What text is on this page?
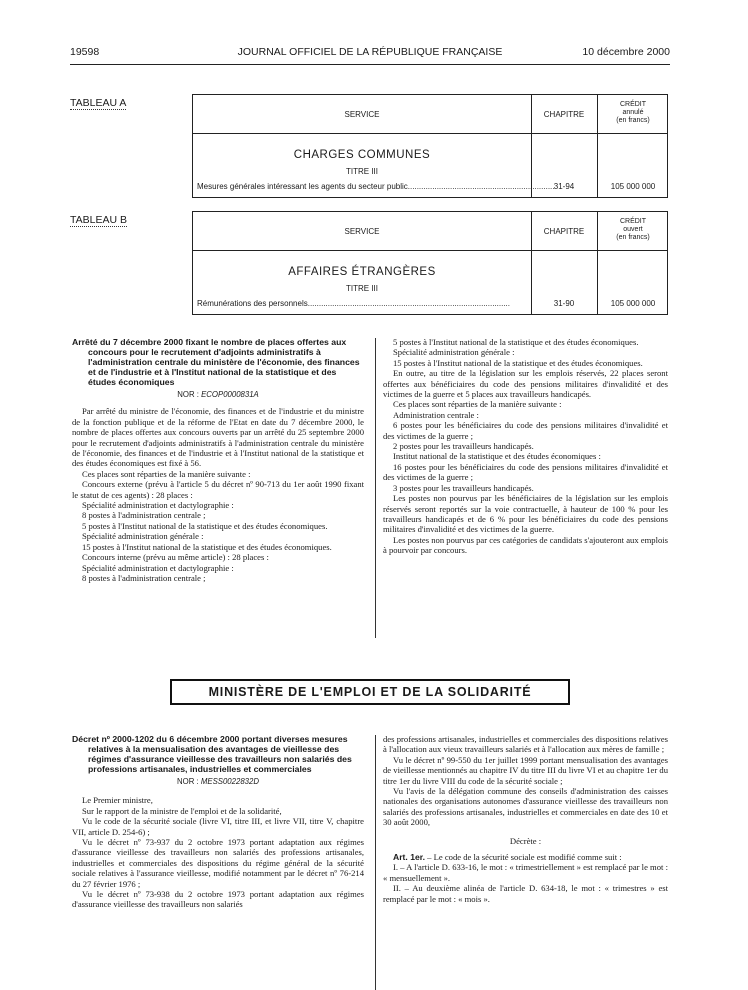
19598	JOURNAL OFFICIEL DE LA RÉPUBLIQUE FRANÇAISE	10 décembre 2000
TABLEAU A
SERVICE	CHAPITRE
CRÉDIT
annulé
(en francs)
CHARGES COMMUNES
TITRE III
Mesures générales intéressant les agents du secteur public.................................................................. 31-94	105 000 000
TABLEAU B
SERVICE	CHAPITRE
CRÉDIT
ouvert
(en francs)
AFFAIRES ÉTRANGÈRES
TITRE III
Rémunérations des personnels...........................................................................................	31-90	105 000 000

Arrêté du 7 décembre 2000 fixant le nombre de places offertes aux concours pour le recrutement d'adjoints administratifs à l'administration centrale du ministère de l'économie, des finances et de l'industrie et à l'Institut national de la statistique et des études économiques

NOR : ECOP0000831A

Par arrêté du ministre de l'économie, des finances et de l'industrie et du ministre de la fonction publique et de la réforme de l'Etat en date du 7 décembre 2000, le nombre de places offertes aux concours ouverts par un arrêté du 25 septembre 2000 pour le recrutement d'adjoints administratifs à l'administration centrale du ministère de l'économie, des finances et de l'industrie et à l'Institut national de la statistique et des études économiques est fixé à 56.

Ces places sont réparties de la manière suivante :

Concours externe (prévu à l'article 5 du décret nº 90-713 du 1er août 1990 fixant le statut de ces agents) : 28 places :

Spécialité administration et dactylographie :

8 postes à l'administration centrale ;

5 postes à l'Institut national de la statistique et des études économiques.

Spécialité administration générale :

15 postes à l'Institut national de la statistique et des études économiques.

Concours interne (prévu au même article) : 28 places :

Spécialité administration et dactylographie :

8 postes à l'administration centrale ;

5 postes à l'Institut national de la statistique et des études économiques.

Spécialité administration générale :

15 postes à l'Institut national de la statistique et des études économiques.

En outre, au titre de la législation sur les emplois réservés, 22 places seront offertes aux bénéficiaires du code des pensions militaires d'invalidité et des victimes de la guerre et 5 places aux travailleurs handicapés.

Ces places sont réparties de la manière suivante :

Administration centrale :

6 postes pour les bénéficiaires du code des pensions militaires d'invalidité et des victimes de la guerre ;

2 postes pour les travailleurs handicapés.

Institut national de la statistique et des études économiques :

16 postes pour les bénéficiaires du code des pensions militaires d'invalidité et des victimes de la guerre ;

3 postes pour les travailleurs handicapés.

Les postes non pourvus par les bénéficiaires de la législation sur les emplois réservés seront reportés sur la voie contractuelle, à hauteur de 100 % pour les travailleurs handicapés et de 6 % pour les bénéficiaires du code des pensions militaires d'invalidité et des victimes de la guerre.

Les postes non pourvus par ces catégories de candidats s'ajouteront aux emplois à pourvoir par concours.

MINISTÈRE DE L'EMPLOI ET DE LA SOLIDARITÉ

Décret nº 2000-1202 du 6 décembre 2000 portant diverses mesures relatives à la mensualisation des avantages de vieillesse des régimes d'assurance vieillesse des travailleurs non salariés des professions artisanales, industrielles et commerciales

NOR : MESS0022832D

Le Premier ministre,

Sur le rapport de la ministre de l'emploi et de la solidarité,

Vu le code de la sécurité sociale (livre VI, titre III, et livre VII, titre V, chapitre VII, article D. 254-6) ;

Vu le décret nº 73-937 du 2 octobre 1973 portant adaptation aux régimes d'assurance vieillesse des travailleurs non salariés des professions artisanales, industrielles et commerciales des dispositions du régime général de la sécurité sociale relatives à l'assurance vieillesse, modifié notamment par le décret nº 76-214 du 27 février 1976 ;

Vu le décret nº 73-938 du 2 octobre 1973 portant adaptation aux régimes d'assurance vieillesse des travailleurs non salariés

des professions artisanales, industrielles et commerciales des dispositions relatives à l'allocation aux vieux travailleurs salariés et à l'allocation aux mères de famille ;

Vu le décret nº 99-550 du 1er juillet 1999 portant mensualisation des avantages de vieillesse mentionnés au chapitre IV du titre III du livre VI et au chapitre 1er du titre 1er du livre VIII du code de la sécurité sociale ;

Vu l'avis de la délégation commune des conseils d'administration des caisses nationales des organisations autonomes d'assurance vieillesse des travailleurs non salariés des professions artisanales, industrielles et commerciales en date des 10 et 30 août 2000,

Décrète :

Art. 1er. – Le code de la sécurité sociale est modifié comme suit :

I. – A l'article D. 633-16, le mot : « trimestriellement » est remplacé par le mot : « mensuellement ».

II. – Au deuxième alinéa de l'article D. 634-18, le mot : « trimestres » est remplacé par le mot : « mois ».
